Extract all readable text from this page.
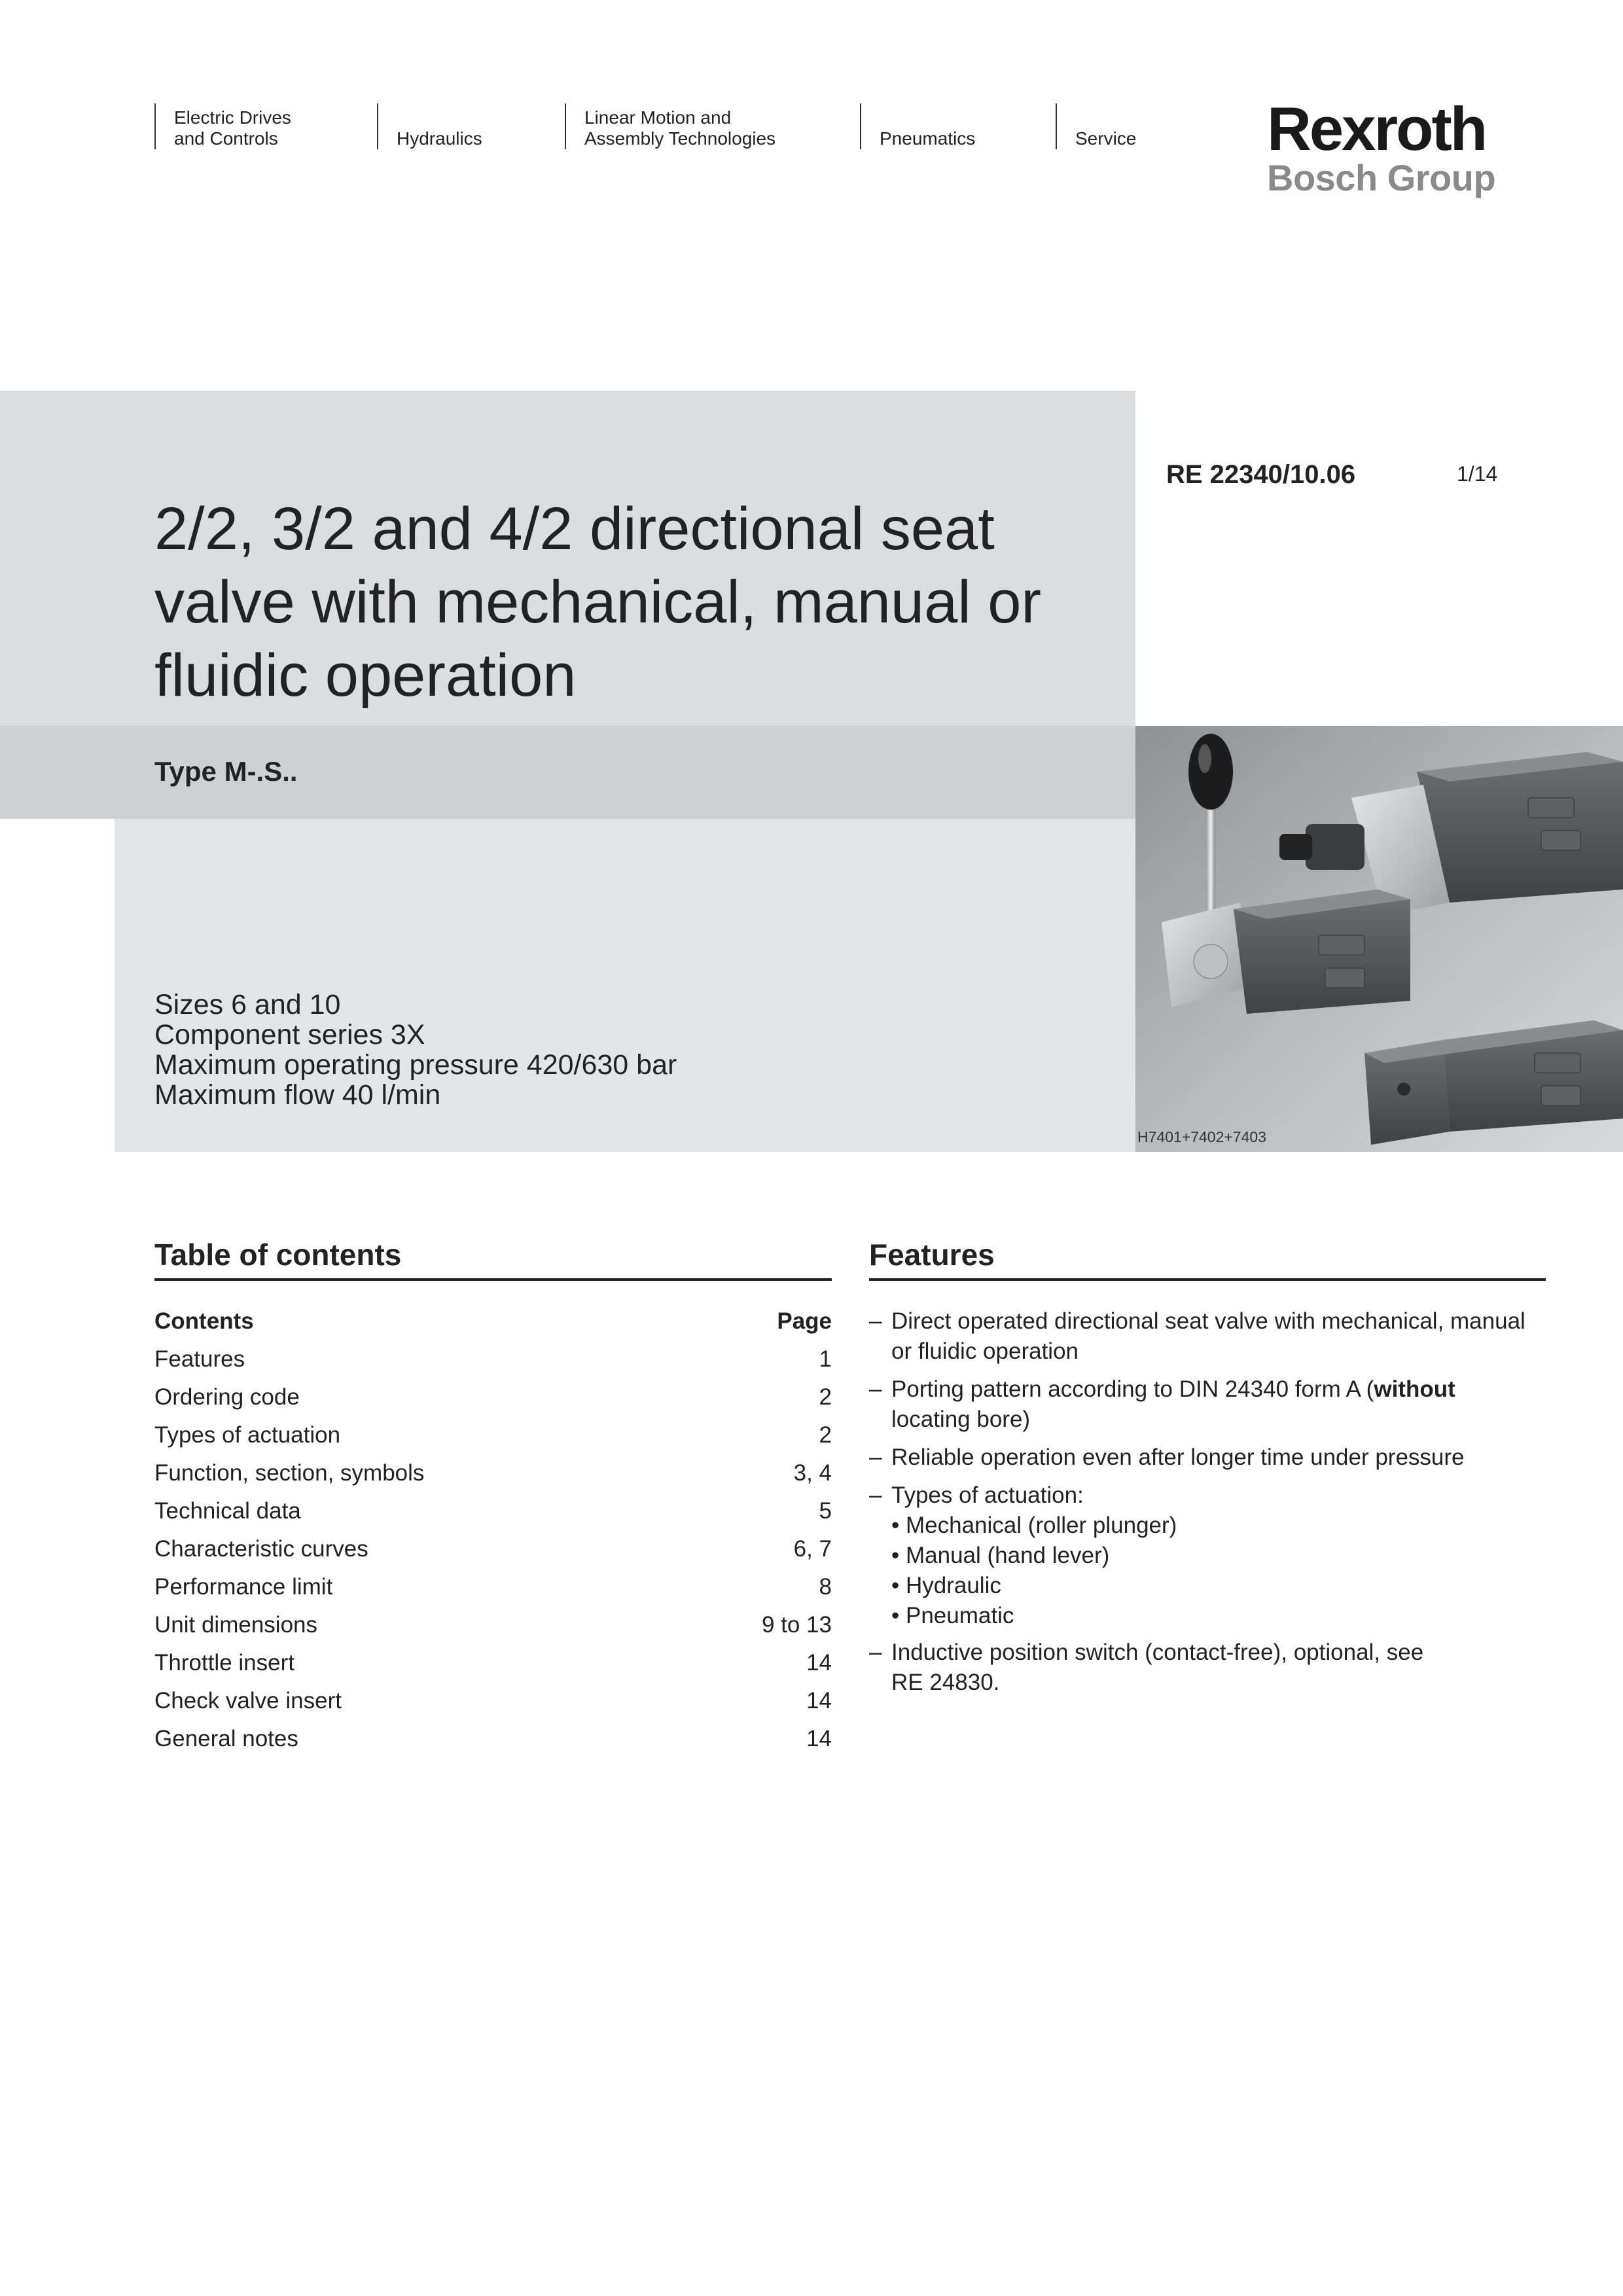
Electric Drives
and Controls	Hydraulics
Linear Motion and
Assembly Technologies	Pneumatics	Service Rexroth
Bosch Group
2/2, 3/2 and 4/2 directional seat
valve with mechanical, manual or
fluidic operation
RE 22340/10.06	1/14
Type M-.S..
Sizes 6 and 10
Component series 3X
Maximum operating pressure 420/630 bar
Maximum flow 40 l/min
H7401+7402+7403
Table of contents
Contents	Page
Features	1
Ordering code	2
Types of actuation	2
Function, section, symbols	3, 4
Technical data	5
Characteristic curves	6, 7
Performance limit	8
Unit dimensions	9 to 13
Throttle insert	14
Check valve insert	14
General notes	14
Features
– Direct operated directional seat valve with mechanical, manual
or fluidic operation
– Porting pattern according to DIN 24340 form A (without
locating bore)
– Reliable operation even after longer time under pressure
– Types of actuation:
• Mechanical (roller plunger)
• Manual (hand lever)
• Hydraulic
• Pneumatic
– Inductive position switch (contact-free), optional, see
RE 24830.
